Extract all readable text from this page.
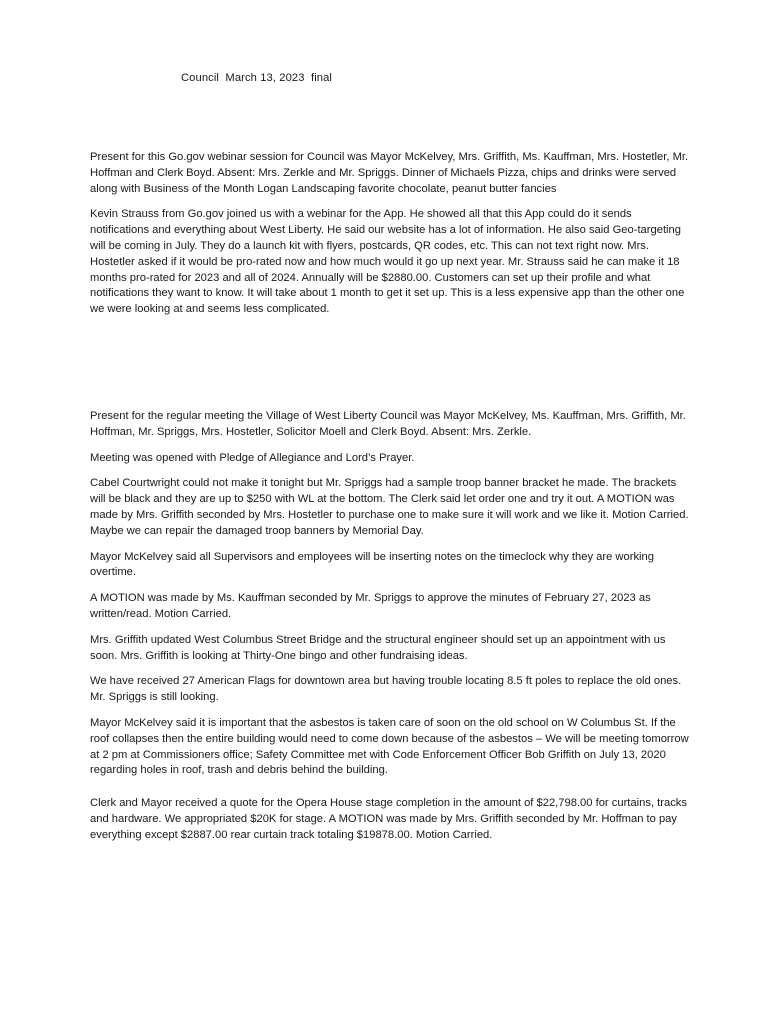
Council  March 13, 2023  final

Present for this Go.gov webinar session for Council was Mayor McKelvey, Mrs. Griffith, Ms. Kauffman, Mrs. Hostetler, Mr. Hoffman and Clerk Boyd. Absent: Mrs. Zerkle and Mr. Spriggs. Dinner of Michaels Pizza, chips and drinks were served along with Business of the Month Logan Landscaping favorite chocolate, peanut butter fancies

Kevin Strauss from Go.gov joined us with a webinar for the App. He showed all that this App could do it sends notifications and everything about West Liberty. He said our website has a lot of information. He also said Geo-targeting will be coming in July. They do a launch kit with flyers, postcards, QR codes, etc. This can not text right now. Mrs. Hostetler asked if it would be pro-rated now and how much would it go up next year. Mr. Strauss said he can make it 18 months pro-rated for 2023 and all of 2024. Annually will be $2880.00. Customers can set up their profile and what notifications they want to know. It will take about 1 month to get it set up. This is a less expensive app than the other one we were looking at and seems less complicated.

Present for the regular meeting the Village of West Liberty Council was Mayor McKelvey, Ms. Kauffman, Mrs. Griffith, Mr. Hoffman, Mr. Spriggs, Mrs. Hostetler, Solicitor Moell and Clerk Boyd. Absent: Mrs. Zerkle.

Meeting was opened with Pledge of Allegiance and Lord’s Prayer.

Cabel Courtwright could not make it tonight but Mr. Spriggs had a sample troop banner bracket he made. The brackets will be black and they are up to $250 with WL at the bottom. The Clerk said let order one and try it out. A MOTION was made by Mrs. Griffith seconded by Mrs. Hostetler to purchase one to make sure it will work and we like it. Motion Carried. Maybe we can repair the damaged troop banners by Memorial Day.

Mayor McKelvey said all Supervisors and employees will be inserting notes on the timeclock why they are working overtime.

A MOTION was made by Ms. Kauffman seconded by Mr. Spriggs to approve the minutes of February 27, 2023 as written/read. Motion Carried.

Mrs. Griffith updated West Columbus Street Bridge and the structural engineer should set up an appointment with us soon. Mrs. Griffith is looking at Thirty-One bingo and other fundraising ideas.

We have received 27 American Flags for downtown area but having trouble locating 8.5 ft poles to replace the old ones. Mr. Spriggs is still looking.

Mayor McKelvey said it is important that the asbestos is taken care of soon on the old school on W Columbus St. If the roof collapses then the entire building would need to come down because of the asbestos – We will be meeting tomorrow at 2 pm at Commissioners office; Safety Committee met with Code Enforcement Officer Bob Griffith on July 13, 2020 regarding holes in roof, trash and debris behind the building.

Clerk and Mayor received a quote for the Opera House stage completion in the amount of $22,798.00 for curtains, tracks and hardware. We appropriated $20K for stage. A MOTION was made by Mrs. Griffith seconded by Mr. Hoffman to pay everything except $2887.00 rear curtain track totaling $19878.00. Motion Carried.
